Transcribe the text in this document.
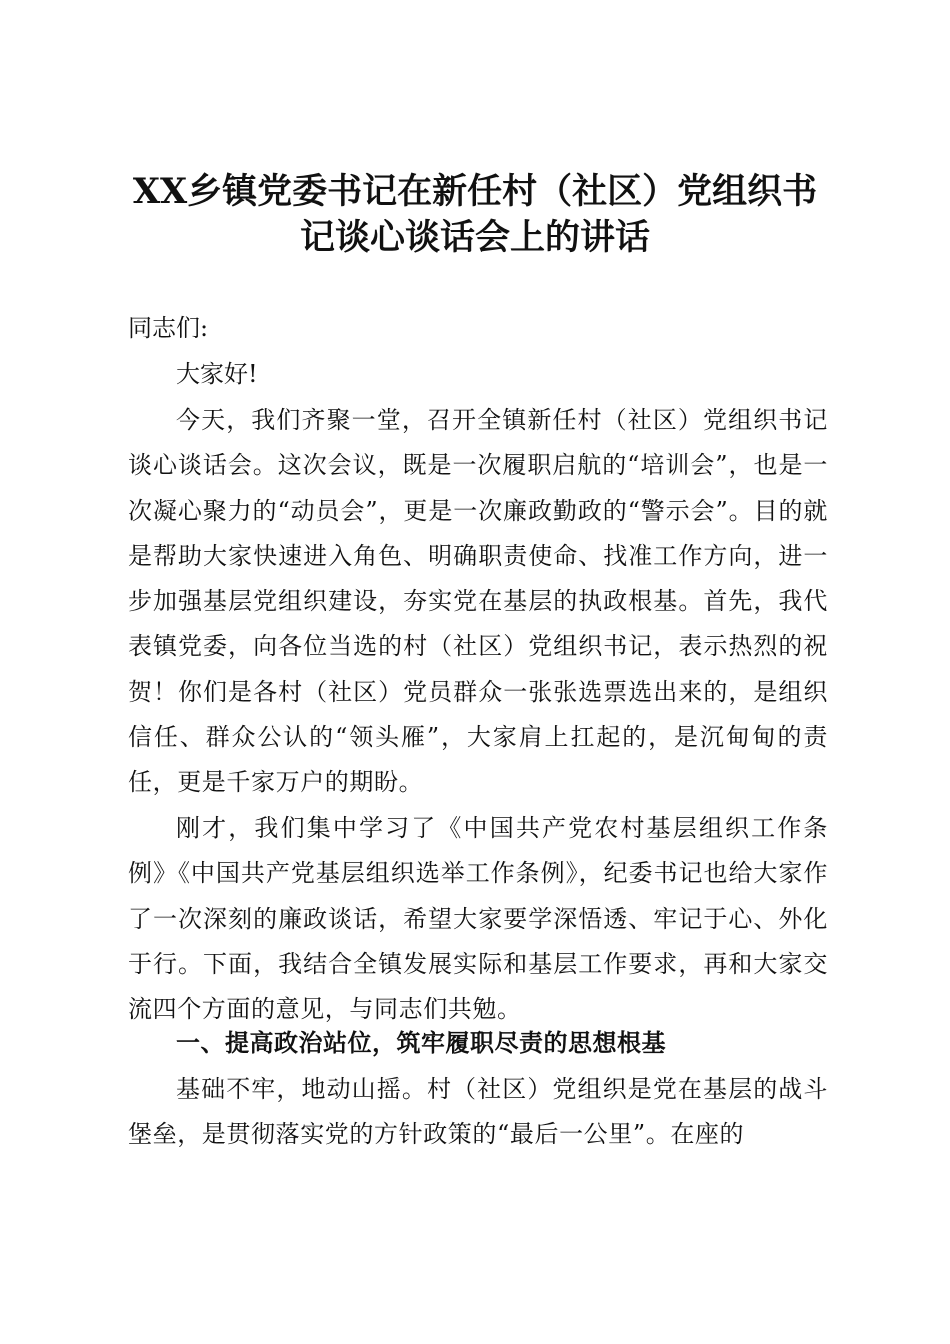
XX乡镇党委书记在新任村（社区）党组织书
记谈心谈话会上的讲话

同志们:

大家好!

今天，我们齐聚一堂，召开全镇新任村（社区）党组织书记谈心谈话会。这次会议，既是一次履职启航的“培训会”，也是一次凝心聚力的“动员会”，更是一次廉政勤政的“警示会”。目的就是帮助大家快速进入角色、明确职责使命、找准工作方向，进一步加强基层党组织建设，夯实党在基层的执政根基。首先，我代表镇党委，向各位当选的村（社区）党组织书记，表示热烈的祝贺！你们是各村（社区）党员群众一张张选票选出来的，是组织信任、群众公认的“领头雁”，大家肩上扛起的，是沉甸甸的责任，更是千家万户的期盼。

刚才，我们集中学习了《中国共产党农村基层组织工作条例》《中国共产党基层组织选举工作条例》，纪委书记也给大家作了一次深刻的廉政谈话，希望大家要学深悟透、牢记于心、外化于行。下面，我结合全镇发展实际和基层工作要求，再和大家交流四个方面的意见，与同志们共勉。

一、提高政治站位，筑牢履职尽责的思想根基

基础不牢，地动山摇。村（社区）党组织是党在基层的战斗堡垒，是贯彻落实党的方针政策的“最后一公里”。在座的
